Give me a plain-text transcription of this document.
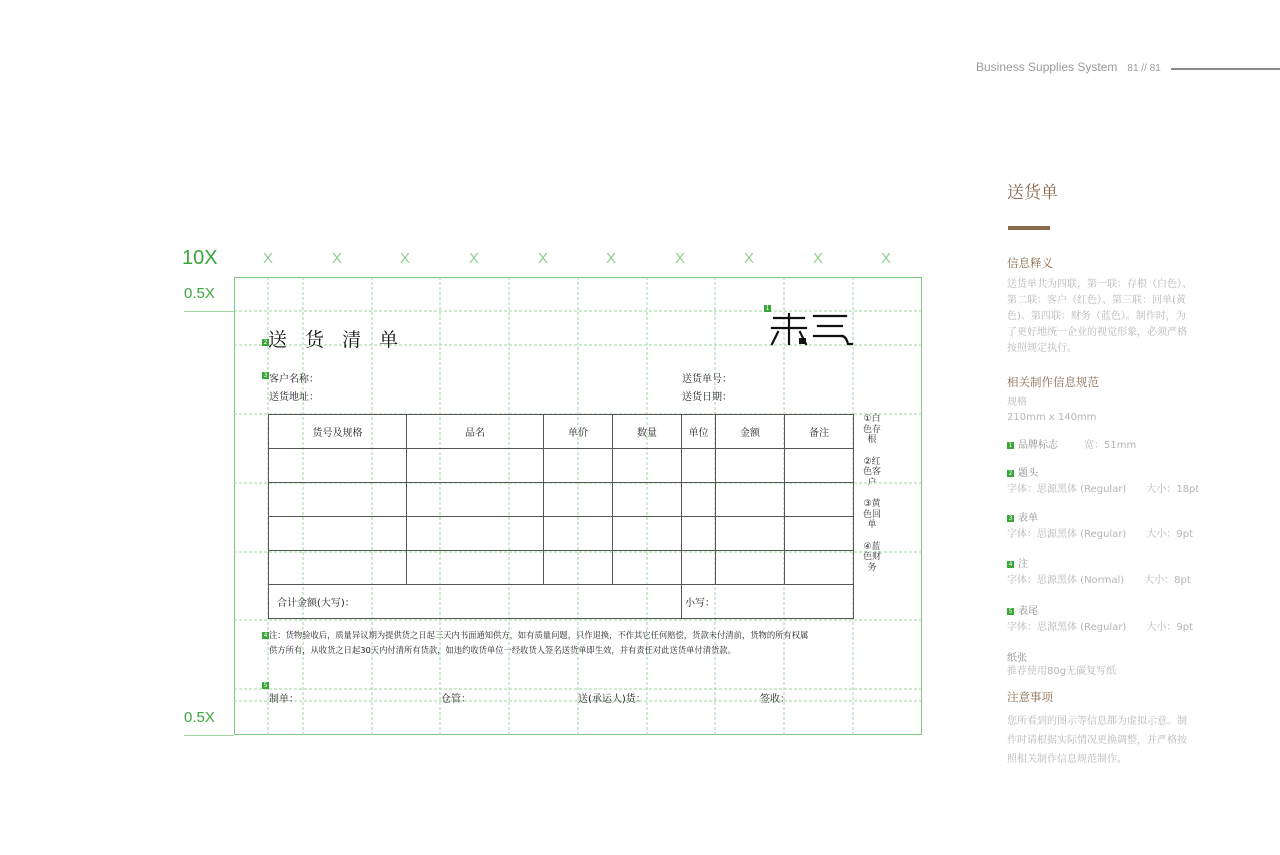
Business Supplies System 81 // 81
送货单
信息释义
送货单共为四联，第一联：存根（白色）、第二联：客户（红色）、第三联：回单(黄色)、第四联：财务（蓝色）。制作时，为了更好地统一企业的视觉形象，必须严格按照规定执行。
相关制作信息规范
规格
210mm x 140mm
1 品牌标志	宽：51mm
2 题头
字体：思源黑体 (Regular)　　大小：18pt
3 表单
字体：思源黑体 (Regular)　　大小：9pt
4 注
字体：思源黑体 (Normal)　　大小：8pt
5 表尾
字体：思源黑体 (Regular)　　大小：9pt
纸张
推荐使用80g无碳复写纸
注意事项
您所看到的图示等信息都为虚拟示意。制作时请根据实际情况更换调整，并严格按照相关制作信息规范制作。
10X
0.5X
0.5X
X	X	X	X	X	X	X	X	X	X
1
2 送 货 清 单
3 客户名称：
送货地址：
送货单号：
送货日期：
货号及规格	品名	单价	数量	单位	金额	备注

合计金额(大写)：				小写：		
①白色存根
②红色客户
③黄色回单
④蓝色财务
4 注：货物验收后，质量异议期为提供货之日起三天内书面通知供方，如有质量问题，只作退换，不作其它任何赔偿，货款未付清前，货物的所有权属
供方所有，从收货之日起30天内付清所有货款，如违约收货单位一经收货人签名送货单即生效，并有责任对此送货单付清货款。
5
制单：	仓管：	送(承运人)货：	签收：
